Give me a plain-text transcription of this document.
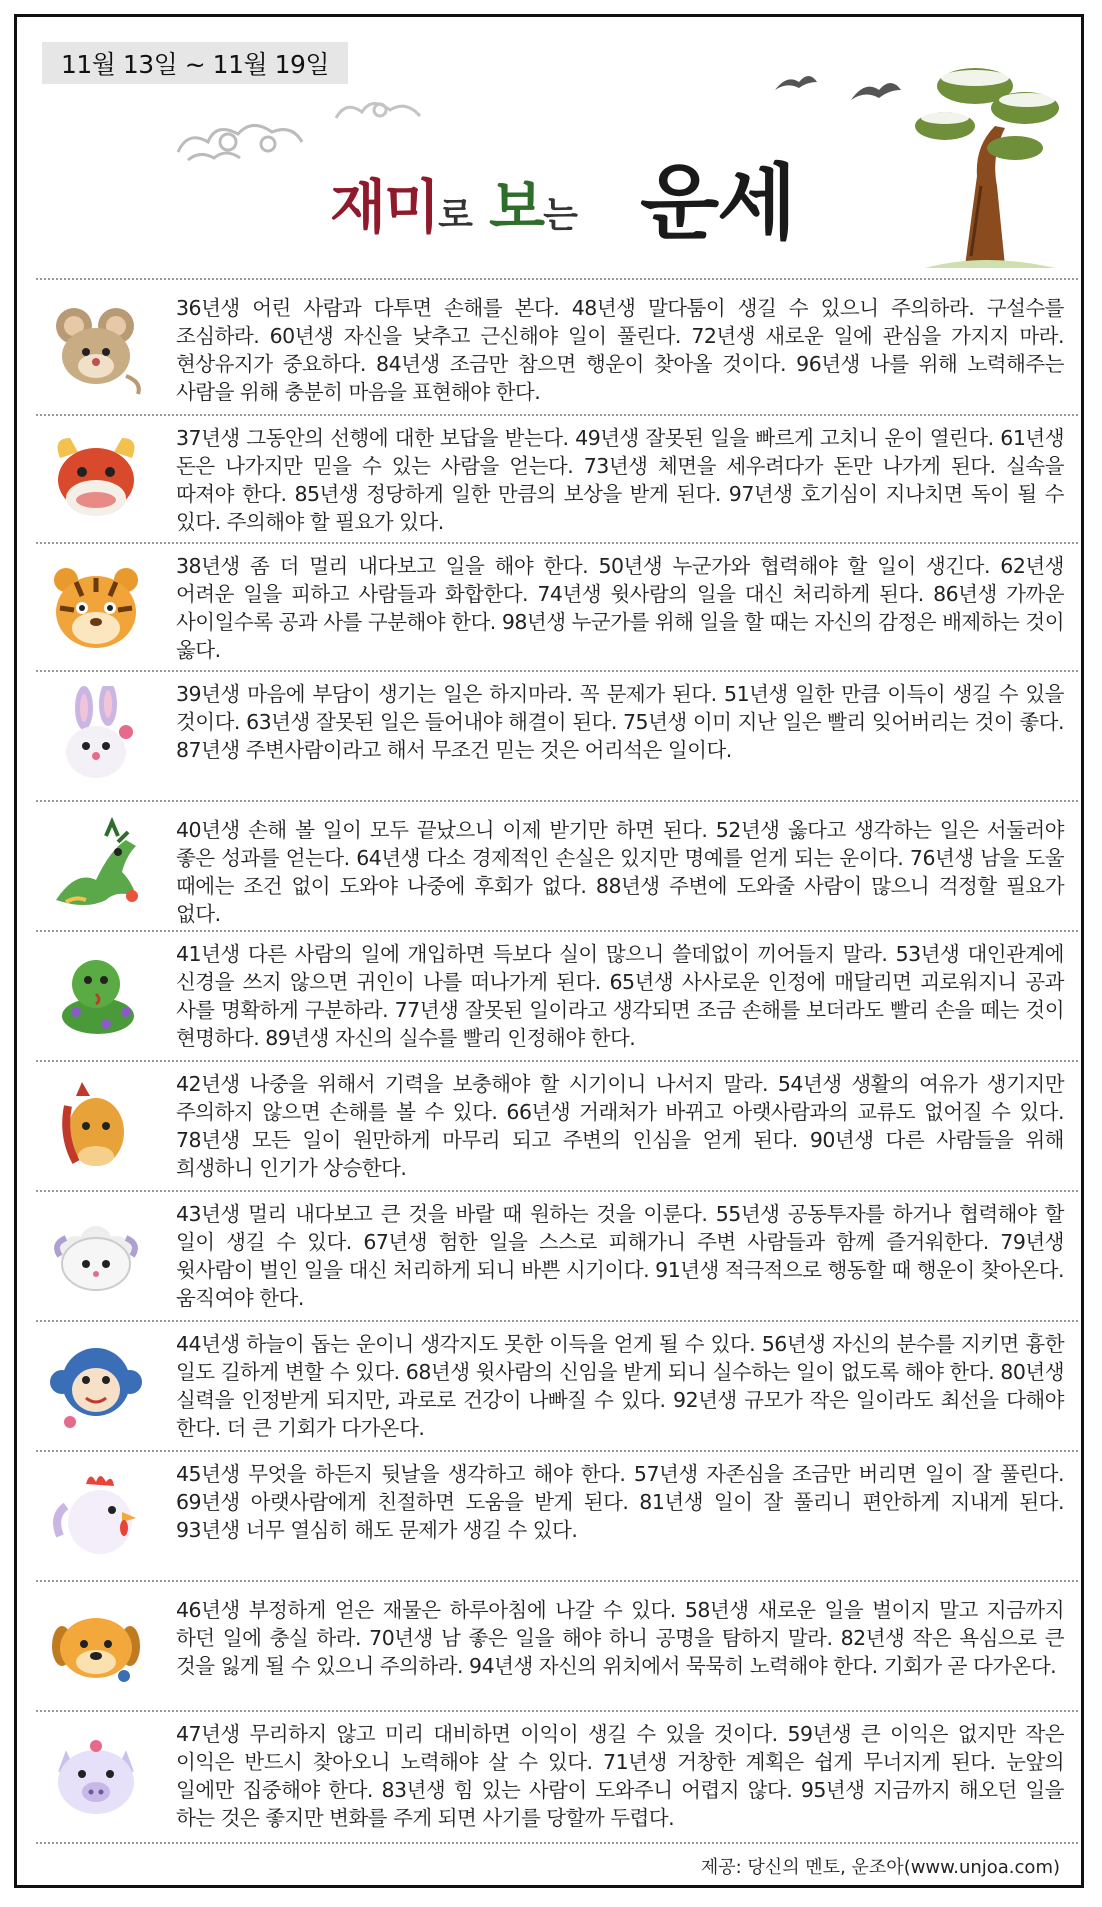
11월 13일 ~ 11월 19일
재미로 보는 운세
36년생 어린 사람과 다투면 손해를 본다. 48년생 말다툼이 생길 수 있으니 주의하라. 구설수를 조심하라. 60년생 자신을 낮추고 근신해야 일이 풀린다. 72년생 새로운 일에 관심을 가지지 마라. 현상유지가 중요하다. 84년생 조금만 참으면 행운이 찾아올 것이다. 96년생 나를 위해 노력해주는 사람을 위해 충분히 마음을 표현해야 한다.
37년생 그동안의 선행에 대한 보답을 받는다. 49년생 잘못된 일을 빠르게 고치니 운이 열린다. 61년생 돈은 나가지만 믿을 수 있는 사람을 얻는다. 73년생 체면을 세우려다가 돈만 나가게 된다. 실속을 따져야 한다. 85년생 정당하게 일한 만큼의 보상을 받게 된다. 97년생 호기심이 지나치면 독이 될 수 있다. 주의해야 할 필요가 있다.
38년생 좀 더 멀리 내다보고 일을 해야 한다. 50년생 누군가와 협력해야 할 일이 생긴다. 62년생 어려운 일을 피하고 사람들과 화합한다. 74년생 윗사람의 일을 대신 처리하게 된다. 86년생 가까운 사이일수록 공과 사를 구분해야 한다. 98년생 누군가를 위해 일을 할 때는 자신의 감정은 배제하는 것이 옳다.
39년생 마음에 부담이 생기는 일은 하지마라. 꼭 문제가 된다. 51년생 일한 만큼 이득이 생길 수 있을 것이다. 63년생 잘못된 일은 들어내야 해결이 된다. 75년생 이미 지난 일은 빨리 잊어버리는 것이 좋다. 87년생 주변사람이라고 해서 무조건 믿는 것은 어리석은 일이다.
40년생 손해 볼 일이 모두 끝났으니 이제 받기만 하면 된다. 52년생 옳다고 생각하는 일은 서둘러야 좋은 성과를 얻는다. 64년생 다소 경제적인 손실은 있지만 명예를 얻게 되는 운이다. 76년생 남을 도울 때에는 조건 없이 도와야 나중에 후회가 없다. 88년생 주변에 도와줄 사람이 많으니 걱정할 필요가 없다.
41년생 다른 사람의 일에 개입하면 득보다 실이 많으니 쓸데없이 끼어들지 말라. 53년생 대인관계에 신경을 쓰지 않으면 귀인이 나를 떠나가게 된다. 65년생 사사로운 인정에 매달리면 괴로워지니 공과 사를 명확하게 구분하라. 77년생 잘못된 일이라고 생각되면 조금 손해를 보더라도 빨리 손을 떼는 것이 현명하다. 89년생 자신의 실수를 빨리 인정해야 한다.
42년생 나중을 위해서 기력을 보충해야 할 시기이니 나서지 말라. 54년생 생활의 여유가 생기지만 주의하지 않으면 손해를 볼 수 있다. 66년생 거래처가 바뀌고 아랫사람과의 교류도 없어질 수 있다. 78년생 모든 일이 원만하게 마무리 되고 주변의 인심을 얻게 된다. 90년생 다른 사람들을 위해 희생하니 인기가 상승한다.
43년생 멀리 내다보고 큰 것을 바랄 때 원하는 것을 이룬다. 55년생 공동투자를 하거나 협력해야 할 일이 생길 수 있다. 67년생 험한 일을 스스로 피해가니 주변 사람들과 함께 즐거워한다. 79년생 윗사람이 벌인 일을 대신 처리하게 되니 바쁜 시기이다. 91년생 적극적으로 행동할 때 행운이 찾아온다. 움직여야 한다.
44년생 하늘이 돕는 운이니 생각지도 못한 이득을 얻게 될 수 있다. 56년생 자신의 분수를 지키면 흉한 일도 길하게 변할 수 있다. 68년생 윗사람의 신임을 받게 되니 실수하는 일이 없도록 해야 한다. 80년생 실력을 인정받게 되지만, 과로로 건강이 나빠질 수 있다. 92년생 규모가 작은 일이라도 최선을 다해야 한다. 더 큰 기회가 다가온다.
45년생 무엇을 하든지 뒷날을 생각하고 해야 한다. 57년생 자존심을 조금만 버리면 일이 잘 풀린다. 69년생 아랫사람에게 친절하면 도움을 받게 된다. 81년생 일이 잘 풀리니 편안하게 지내게 된다. 93년생 너무 열심히 해도 문제가 생길 수 있다.
46년생 부정하게 얻은 재물은 하루아침에 나갈 수 있다. 58년생 새로운 일을 벌이지 말고 지금까지 하던 일에 충실 하라. 70년생 남 좋은 일을 해야 하니 공명을 탐하지 말라. 82년생 작은 욕심으로 큰 것을 잃게 될 수 있으니 주의하라. 94년생 자신의 위치에서 묵묵히 노력해야 한다. 기회가 곧 다가온다.
47년생 무리하지 않고 미리 대비하면 이익이 생길 수 있을 것이다. 59년생 큰 이익은 없지만 작은 이익은 반드시 찾아오니 노력해야 살 수 있다. 71년생 거창한 계획은 쉽게 무너지게 된다. 눈앞의 일에만 집중해야 한다. 83년생 힘 있는 사람이 도와주니 어렵지 않다. 95년생 지금까지 해오던 일을 하는 것은 좋지만 변화를 주게 되면 사기를 당할까 두렵다.
제공: 당신의 멘토, 운조아(www.unjoa.com)
